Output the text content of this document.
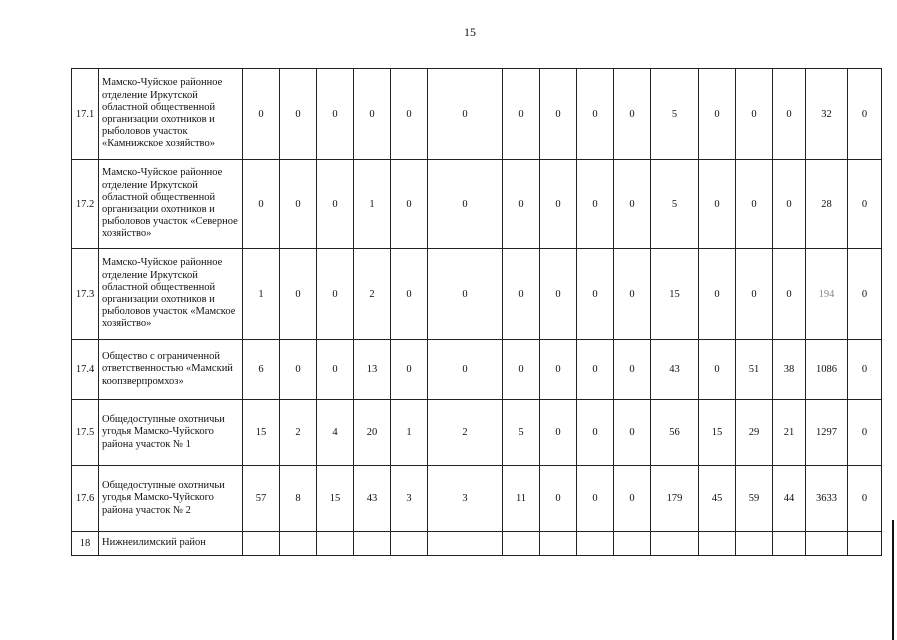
15
17.1	Мамско-Чуйское районное отделение Иркутской областной общественной организации охотников и рыболовов участок «Камнижское хозяйство»	0	0	0	0	0	0	0	0	0	0	5	0	0	0	32	0
17.2	Мамско-Чуйское районное отделение Иркутской областной общественной организации охотников и рыболовов участок «Северное хозяйство»	0	0	0	1	0	0	0	0	0	0	5	0	0	0	28	0
17.3	Мамско-Чуйское районное отделение Иркутской областной общественной организации охотников и рыболовов участок «Мамское хозяйство»	1	0	0	2	0	0	0	0	0	0	15	0	0	0	194	0
17.4	Общество с ограниченной ответственностью «Мамский коопзверпромхоз»	6	0	0	13	0	0	0	0	0	0	43	0	51	38	1086	0
17.5	Общедоступные охотничьи угодья Мамско-Чуйского района участок № 1	15	2	4	20	1	2	5	0	0	0	56	15	29	21	1297	0
17.6	Общедоступные охотничьи угодья Мамско-Чуйского района участок № 2	57	8	15	43	3	3	11	0	0	0	179	45	59	44	3633	0
18	Нижнеилимский район																
